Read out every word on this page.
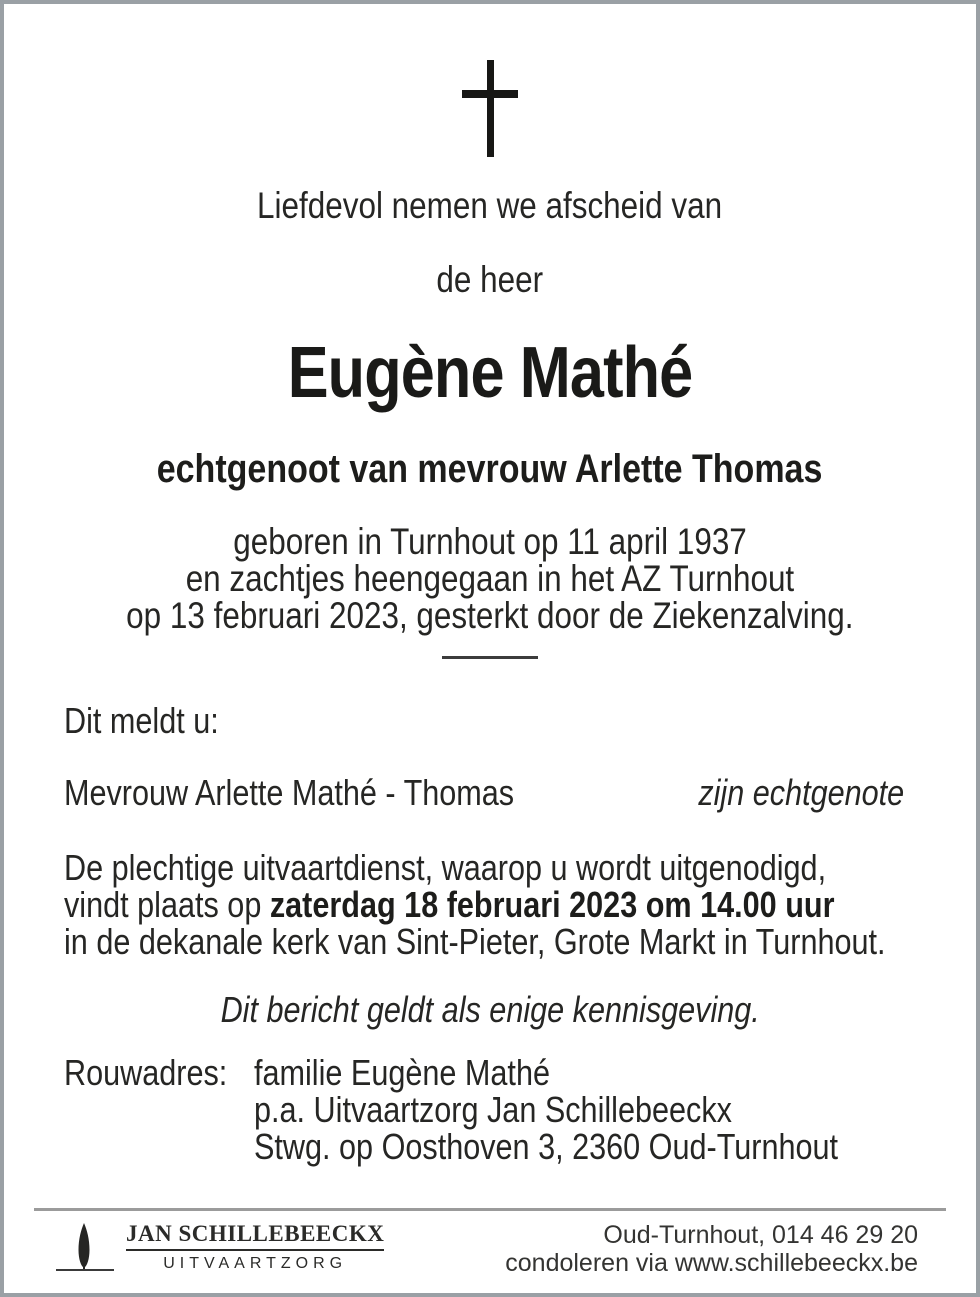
Liefdevol nemen we afscheid van
de heer
Eugène Mathé
echtgenoot van mevrouw Arlette Thomas
geboren in Turnhout op 11 april 1937
en zachtjes heengegaan in het AZ Turnhout
op 13 februari 2023, gesterkt door de Ziekenzalving.
Dit meldt u:
Mevrouw Arlette Mathé - Thomas	zijn echtgenote
De plechtige uitvaartdienst, waarop u wordt uitgenodigd,
vindt plaats op zaterdag 18 februari 2023 om 14.00 uur
in de dekanale kerk van Sint-Pieter, Grote Markt in Turnhout.
Dit bericht geldt als enige kennisgeving.
Rouwadres: familie Eugène Mathé
p.a. Uitvaartzorg Jan Schillebeeckx
Stwg. op Oosthoven 3, 2360 Oud-Turnhout
JAN SCHILLEBEECKX
UITVAARTZORG
Oud-Turnhout, 014 46 29 20
condoleren via www.schillebeeckx.be
